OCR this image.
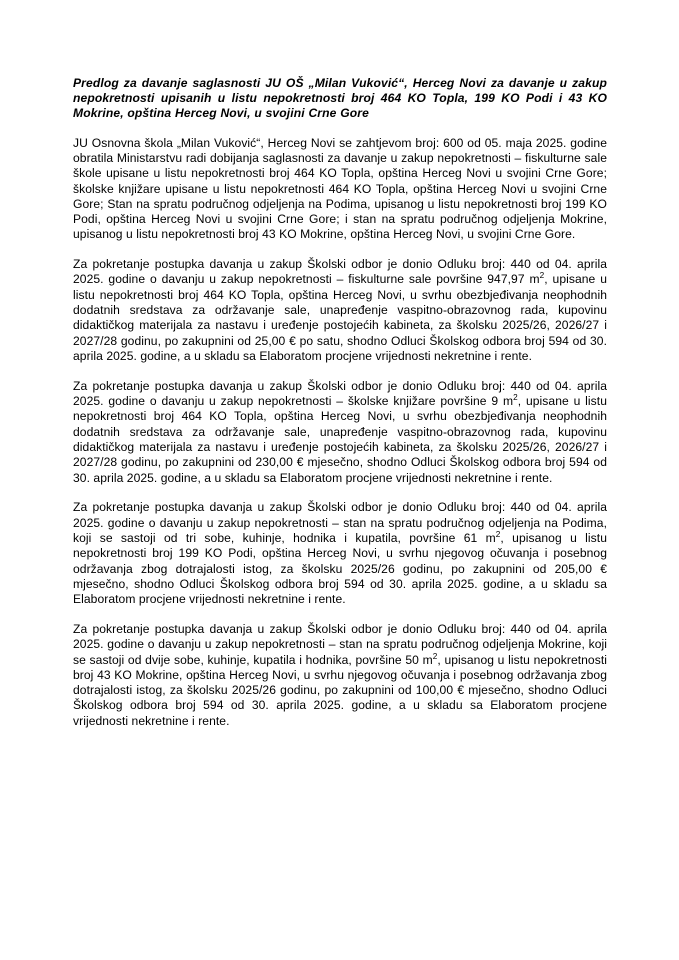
Predlog za davanje saglasnosti JU OŠ „Milan Vuković“, Herceg Novi za davanje u zakup nepokretnosti upisanih u listu nepokretnosti broj 464 KO Topla, 199 KO Podi i 43 KO Mokrine, opština Herceg Novi, u svojini Crne Gore

JU Osnovna škola „Milan Vuković“, Herceg Novi se zahtjevom broj: 600 od 05. maja 2025. godine obratila Ministarstvu radi dobijanja saglasnosti za davanje u zakup nepokretnosti – fiskulturne sale škole upisane u listu nepokretnosti broj 464 KO Topla, opština Herceg Novi u svojini Crne Gore; školske knjižare upisane u listu nepokretnosti 464 KO Topla, opština Herceg Novi u svojini Crne Gore; Stan na spratu područnog odjeljenja na Podima, upisanog u listu nepokretnosti broj 199 KO Podi, opština Herceg Novi u svojini Crne Gore; i stan na spratu područnog odjeljenja Mokrine, upisanog u listu nepokretnosti broj 43 KO Mokrine, opština Herceg Novi, u svojini Crne Gore.

Za pokretanje postupka davanja u zakup Školski odbor je donio Odluku broj: 440 od 04. aprila 2025. godine o davanju u zakup nepokretnosti – fiskulturne sale površine 947,97 $m^2$, upisane u listu nepokretnosti broj 464 KO Topla, opština Herceg Novi, u svrhu obezbjeđivanja neophodnih dodatnih sredstava za održavanje sale, unapređenje vaspitno-obrazovnog rada, kupovinu didaktičkog materijala za nastavu i uređenje postojećih kabineta, za školsku 2025/26, 2026/27 i 2027/28 godinu, po zakupnini od 25,00 € po satu, shodno Odluci Školskog odbora broj 594 od 30. aprila 2025. godine, a u skladu sa Elaboratom procjene vrijednosti nekretnine i rente.

Za pokretanje postupka davanja u zakup Školski odbor je donio Odluku broj: 440 od 04. aprila 2025. godine o davanju u zakup nepokretnosti – školske knjižare površine 9 $m^2$, upisane u listu nepokretnosti broj 464 KO Topla, opština Herceg Novi, u svrhu obezbjeđivanja neophodnih dodatnih sredstava za održavanje sale, unapređenje vaspitno-obrazovnog rada, kupovinu didaktičkog materijala za nastavu i uređenje postojećih kabineta, za školsku 2025/26, 2026/27 i 2027/28 godinu, po zakupnini od 230,00 € mjesečno, shodno Odluci Školskog odbora broj 594 od 30. aprila 2025. godine, a u skladu sa Elaboratom procjene vrijednosti nekretnine i rente.

Za pokretanje postupka davanja u zakup Školski odbor je donio Odluku broj: 440 od 04. aprila 2025. godine o davanju u zakup nepokretnosti – stan na spratu područnog odjeljenja na Podima, koji se sastoji od tri sobe, kuhinje, hodnika i kupatila, površine 61 $m^2$, upisanog u listu nepokretnosti broj 199 KO Podi, opština Herceg Novi, u svrhu njegovog očuvanja i posebnog održavanja zbog dotrajalosti istog, za školsku 2025/26 godinu, po zakupnini od 205,00 € mjesečno, shodno Odluci Školskog odbora broj 594 od 30. aprila 2025. godine, a u skladu sa Elaboratom procjene vrijednosti nekretnine i rente.

Za pokretanje postupka davanja u zakup Školski odbor je donio Odluku broj: 440 od 04. aprila 2025. godine o davanju u zakup nepokretnosti – stan na spratu područnog odjeljenja Mokrine, koji se sastoji od dvije sobe, kuhinje, kupatila i hodnika, površine 50 $m^2$, upisanog u listu nepokretnosti broj 43 KO Mokrine, opština Herceg Novi, u svrhu njegovog očuvanja i posebnog održavanja zbog dotrajalosti istog, za školsku 2025/26 godinu, po zakupnini od 100,00 € mjesečno, shodno Odluci Školskog odbora broj 594 od 30. aprila 2025. godine, a u skladu sa Elaboratom procjene vrijednosti nekretnine i rente.
